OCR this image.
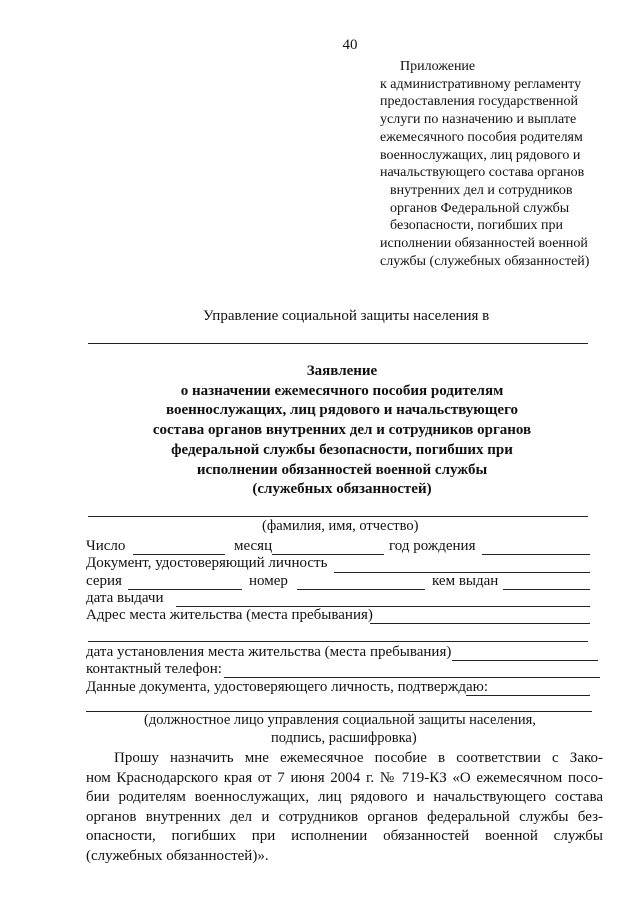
40
Приложение
к административному регламенту
предоставления государственной
услуги по назначению и выплате
ежемесячного пособия родителям
военнослужащих, лиц рядового и
начальствующего состава органов
внутренних дел и сотрудников
органов Федеральной службы
безопасности, погибших при
исполнении обязанностей военной
службы (служебных обязанностей)
Управление социальной защиты населения в
Заявление
о назначении ежемесячного пособия родителям
военнослужащих, лиц рядового и начальствующего
состава органов внутренних дел и сотрудников органов
федеральной службы безопасности, погибших при
исполнении обязанностей военной службы
(служебных обязанностей)
(фамилия, имя, отчество)
Число	месяц	год рождения
Документ, удостоверяющий личность
серия	номер	кем выдан
дата выдачи
Адрес места жительства (места пребывания)
дата установления места жительства (места пребывания)
контактный телефон:
Данные документа, удостоверяющего личность, подтверждаю:
(должностное лицо управления социальной защиты населения,
подпись, расшифровка)
Прошу назначить мне ежемесячное пособие в соответствии с Зако-
ном Краснодарского края от 7 июня 2004 г. № 719-КЗ «О ежемесячном посо-
бии родителям военнослужащих, лиц рядового и начальствующего состава
органов внутренних дел и сотрудников органов федеральной службы без-
опасности, погибших при исполнении обязанностей военной службы
(служебных обязанностей)».
